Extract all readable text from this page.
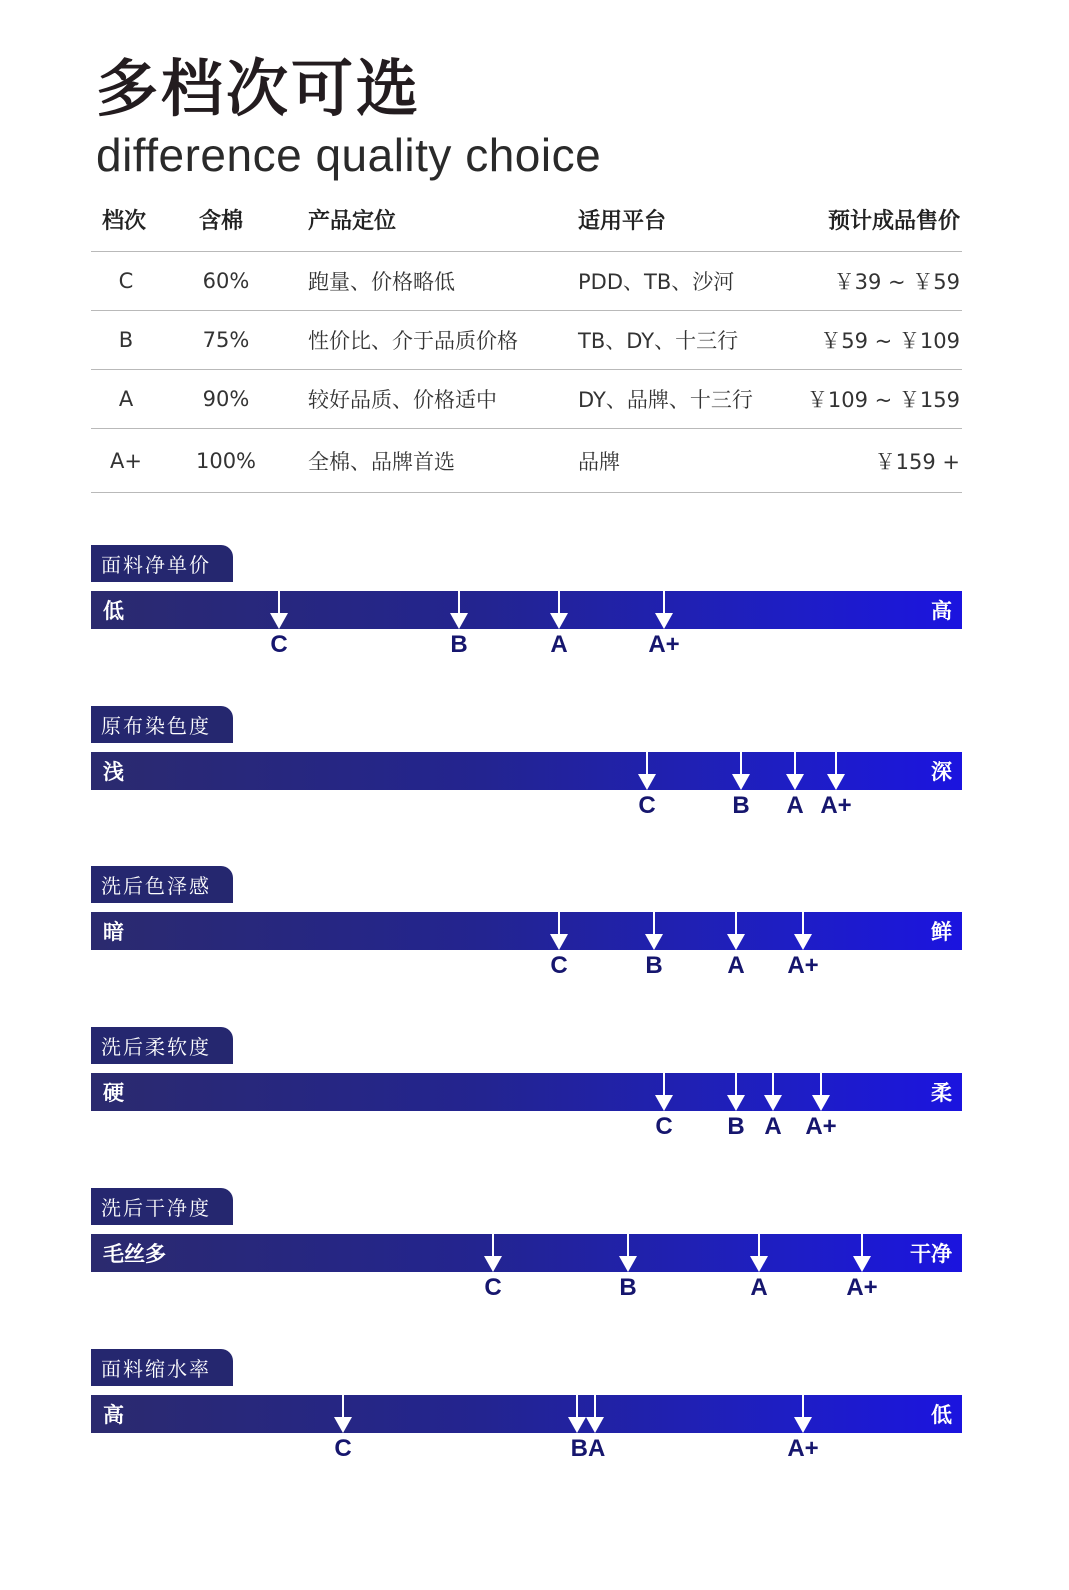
多档次可选
difference quality choice
档次 含棉	产品定位	适用平台	预计成品售价
C	60%	跑量、价格略低	PDD、TB、沙河	￥39 ~ ￥59
B	75%	性价比、介于品质价格	TB、DY、十三行	￥59 ~ ￥109
A	90%	较好品质、价格适中	DY、品牌、十三行	￥109 ~ ￥159
A+	100%	全棉、品牌首选	品牌	￥159 +
面料净单价
低	高
C	B	A	A+
原布染色度
浅	深
C	B A A+
洗后色泽感
暗	鲜
C	B	A A+
洗后柔软度
硬	柔
C B A A+
洗后干净度
毛丝多	干净
C	B	A	A+
面料缩水率
高	低
C	A+
BA
